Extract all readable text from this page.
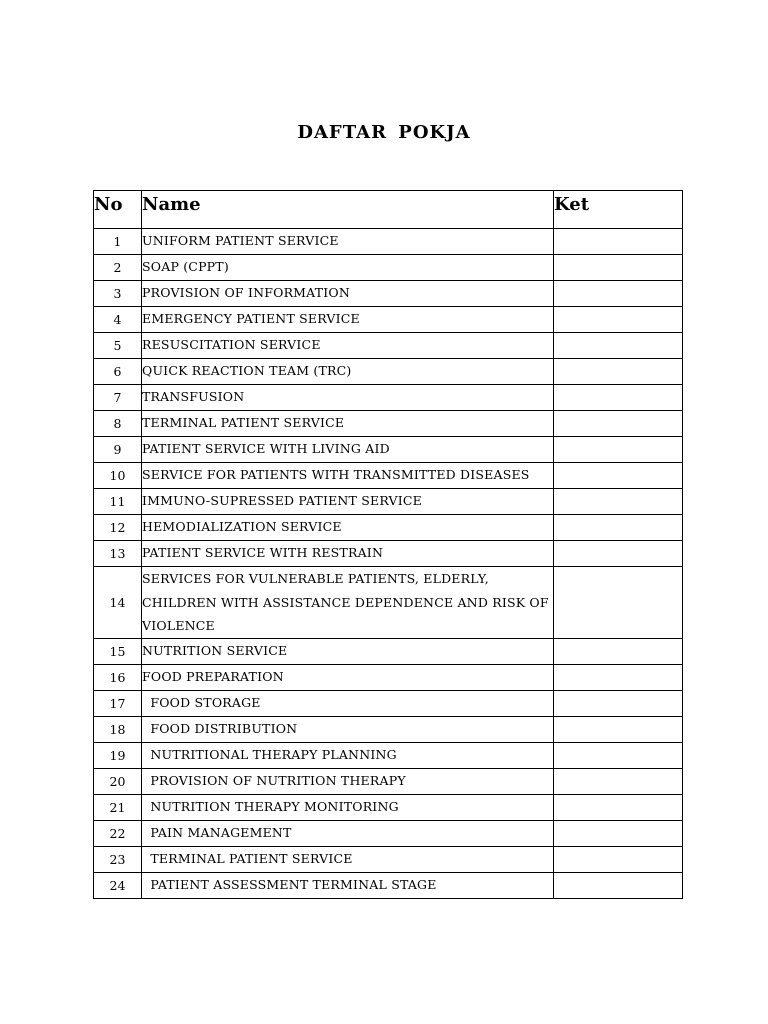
DAFTAR POKJA
No	Name	Ket
1	UNIFORM PATIENT SERVICE	
2	SOAP (CPPT)	
3	PROVISION OF INFORMATION	
4	EMERGENCY PATIENT SERVICE	
5	RESUSCITATION SERVICE	
6	QUICK REACTION TEAM (TRC)	
7	TRANSFUSION	
8	TERMINAL PATIENT SERVICE	
9	PATIENT SERVICE WITH LIVING AID	
10	SERVICE FOR PATIENTS WITH TRANSMITTED DISEASES	
11	IMMUNO-SUPRESSED PATIENT SERVICE	
12	HEMODIALIZATION SERVICE	
13	PATIENT SERVICE WITH RESTRAIN	
14	SERVICES FOR VULNERABLE PATIENTS, ELDERLY, CHILDREN WITH ASSISTANCE DEPENDENCE AND RISK OF VIOLENCE	
15	NUTRITION SERVICE	
16	FOOD PREPARATION	
17	FOOD STORAGE	
18	FOOD DISTRIBUTION	
19	NUTRITIONAL THERAPY PLANNING	
20	PROVISION OF NUTRITION THERAPY	
21	NUTRITION THERAPY MONITORING	
22	PAIN MANAGEMENT	
23	TERMINAL PATIENT SERVICE	
24	PATIENT ASSESSMENT TERMINAL STAGE	
